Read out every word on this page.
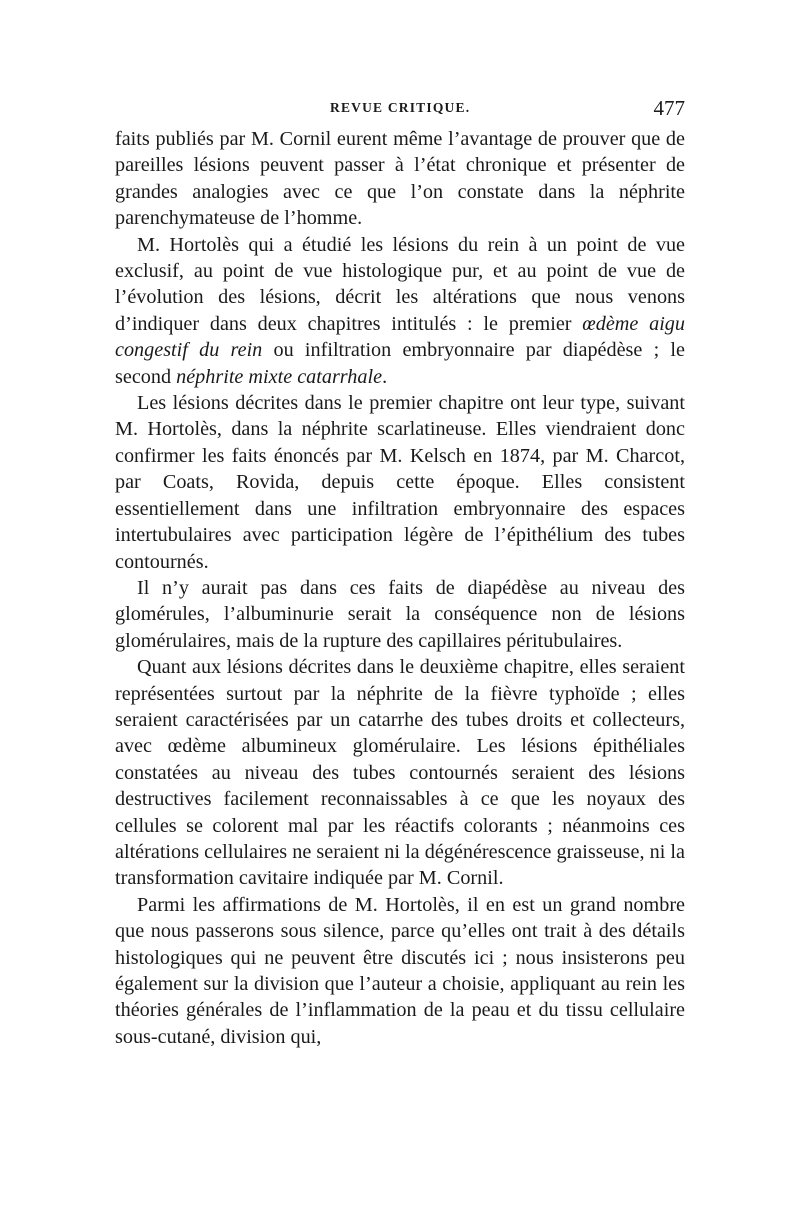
REVUE CRITIQUE.	477

faits publiés par M. Cornil eurent même l’avantage de prouver que de pareilles lésions peuvent passer à l’état chronique et présenter de grandes analogies avec ce que l’on constate dans la néphrite parenchymateuse de l’homme.

M. Hortolès qui a étudié les lésions du rein à un point de vue exclusif, au point de vue histologique pur, et au point de vue de l’évolution des lésions, décrit les altérations que nous venons d’indiquer dans deux chapitres intitulés : le premier œdème aigu congestif du rein ou infiltration embryonnaire par diapédèse ; le second néphrite mixte catarrhale.

Les lésions décrites dans le premier chapitre ont leur type, suivant M. Hortolès, dans la néphrite scarlatineuse. Elles viendraient donc confirmer les faits énoncés par M. Kelsch en 1874, par M. Charcot, par Coats, Rovida, depuis cette époque. Elles consistent essentiellement dans une infiltration embryonnaire des espaces intertubulaires avec participation légère de l’épithélium des tubes contournés.

Il n’y aurait pas dans ces faits de diapédèse au niveau des glomérules, l’albuminurie serait la conséquence non de lésions glomérulaires, mais de la rupture des capillaires péritubulaires.

Quant aux lésions décrites dans le deuxième chapitre, elles seraient représentées surtout par la néphrite de la fièvre typhoïde ; elles seraient caractérisées par un catarrhe des tubes droits et collecteurs, avec œdème albumineux glomérulaire. Les lésions épithéliales constatées au niveau des tubes contournés seraient des lésions destructives facilement reconnaissables à ce que les noyaux des cellules se colorent mal par les réactifs colorants ; néanmoins ces altérations cellulaires ne seraient ni la dégénérescence graisseuse, ni la transformation cavitaire indiquée par M. Cornil.

Parmi les affirmations de M. Hortolès, il en est un grand nombre que nous passerons sous silence, parce qu’elles ont trait à des détails histologiques qui ne peuvent être discutés ici ; nous insisterons peu également sur la division que l’auteur a choisie, appliquant au rein les théories générales de l’inflammation de la peau et du tissu cellulaire sous-cutané, division qui,
